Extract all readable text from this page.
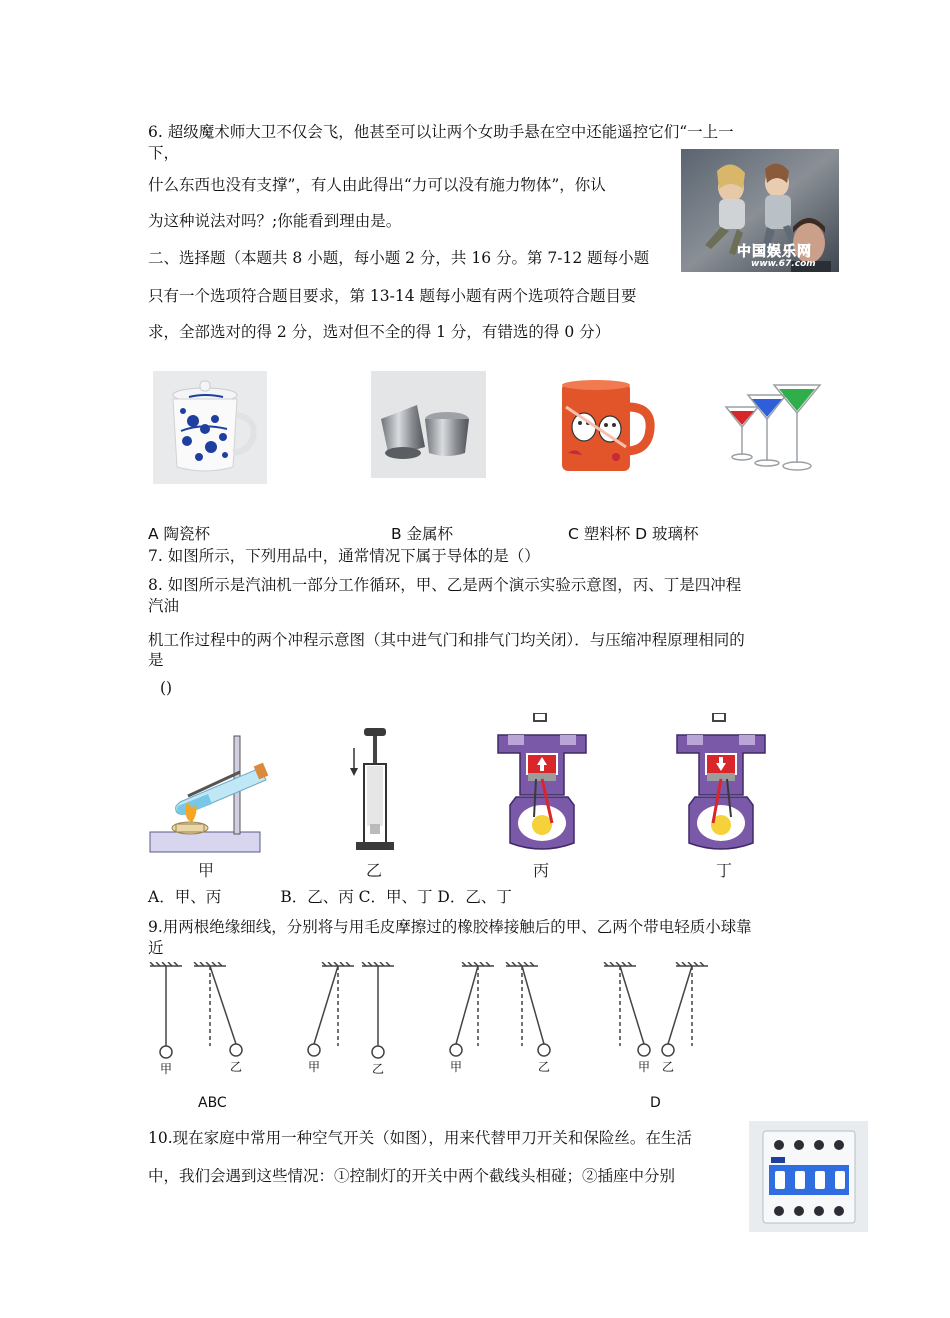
6. 超级魔术师大卫不仅会飞，他甚至可以让两个女助手悬在空中还能遥控它们“一上一
下，
什么东西也没有支撑”，有人由此得出“力可以没有施力物体”，你认
为这种说法对吗？;你能看到理由是。
中国娱乐网
www.67.com
二、选择题（本题共 8 小题，每小题 2 分，共 16 分。第 7-12 题每小题
只有一个选项符合题目要求，第 13-14 题每小题有两个选项符合题目要
求，全部选对的得 2 分，选对但不全的得 1 分，有错选的得 0 分）
A 陶瓷杯	B 金属杯	C 塑料杯 D 玻璃杯
7. 如图所示，下列用品中，通常情况下属于导体的是（）
8. 如图所示是汽油机一部分工作循环，甲、乙是两个演示实验示意图，丙、丁是四冲程
汽油
机工作过程中的两个冲程示意图（其中进气门和排气门均关闭）．与压缩冲程原理相同的
是
()
甲	乙	丙	丁
A．甲、丙            B．乙、丙 C．甲、丁 D．乙、丁
9.用两根绝缘细线，分别将与用毛皮摩擦过的橡胶棒接触后的甲、乙两个带电轻质小球靠
近
甲	乙	甲	乙	甲	乙	甲 乙
ABC	D
10.现在家庭中常用一种空气开关（如图），用来代替甲刀开关和保险丝。在生活
中，我们会遇到这些情况：①控制灯的开关中两个截线头相碰；②插座中分别
